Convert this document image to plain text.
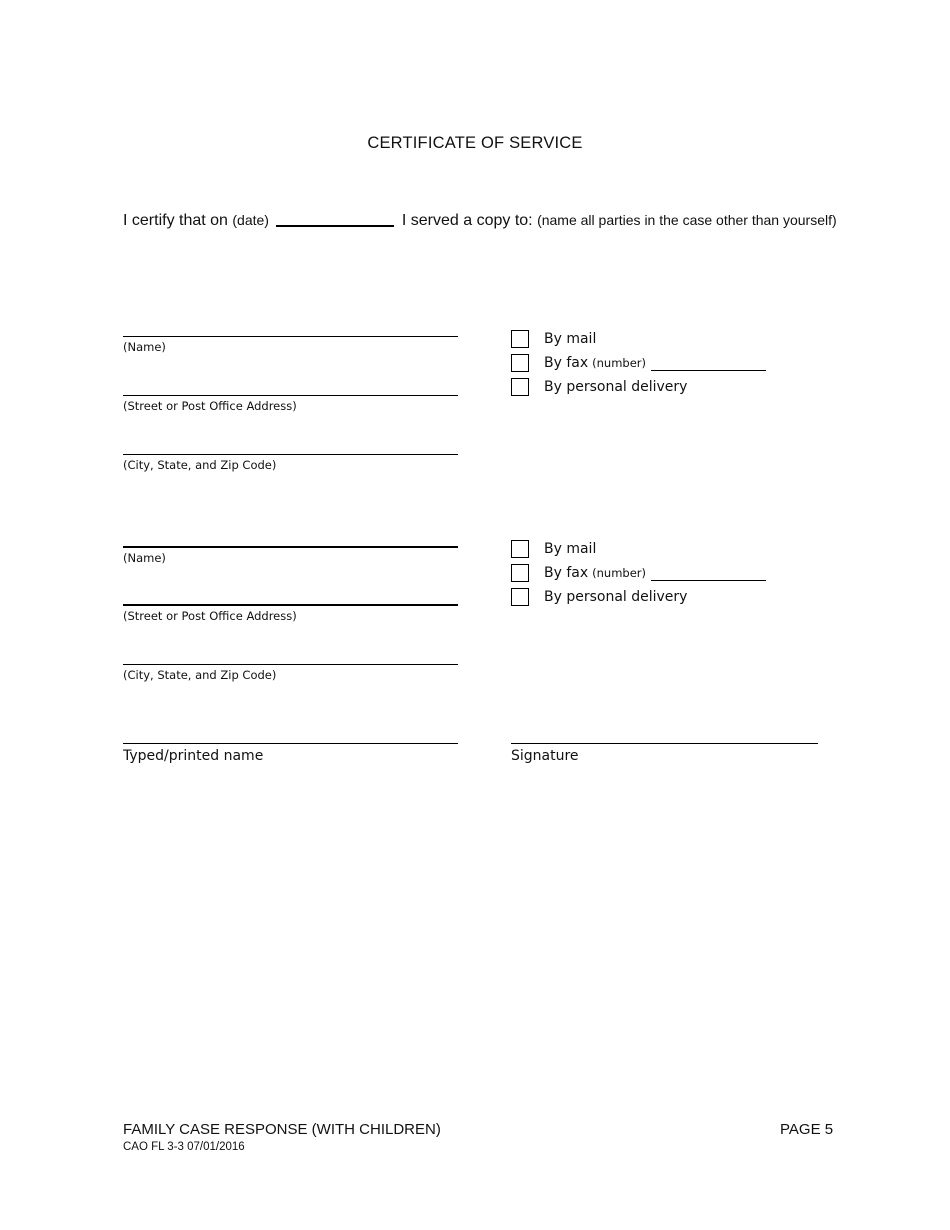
CERTIFICATE OF SERVICE
I certify that on (date)	I served a copy to: (name all parties in the case other than yourself)
(Name)
(Street or Post Office Address)
(City, State, and Zip Code)
By mail
By fax (number)
By personal delivery
(Name)
(Street or Post Office Address)
(City, State, and Zip Code)
By mail
By fax (number)
By personal delivery
Typed/printed name	Signature
FAMILY CASE RESPONSE (WITH CHILDREN)
CAO FL 3-3 07/01/2016
PAGE 5
